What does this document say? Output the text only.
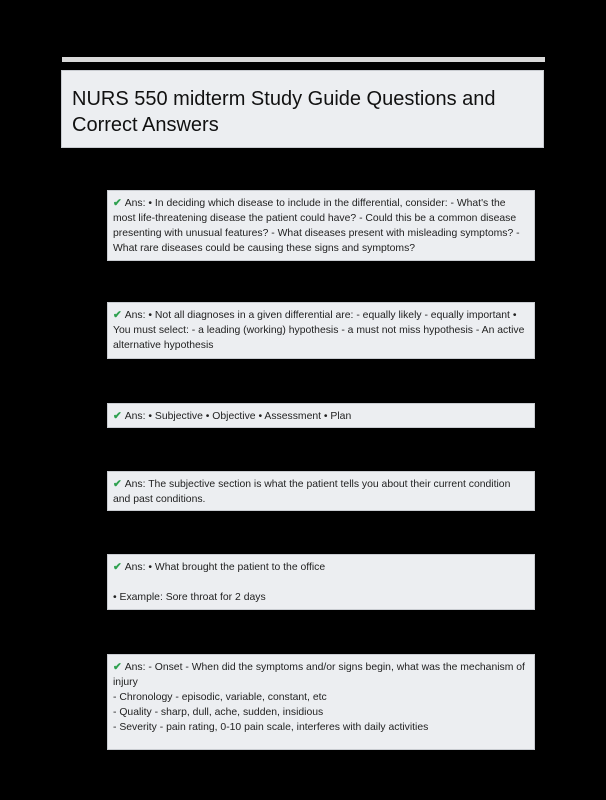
NURS 550 midterm Study Guide Questions and Correct Answers

✔ Ans: • In deciding which disease to include in the differential, consider: - What's the most life-threatening disease the patient could have? - Could this be a common disease presenting with unusual features? - What diseases present with misleading symptoms? - What rare diseases could be causing these signs and symptoms?

✔ Ans: • Not all diagnoses in a given differential are: - equally likely - equally important • You must select: - a leading (working) hypothesis - a must not miss hypothesis - An active alternative hypothesis

✔ Ans: • Subjective • Objective • Assessment • Plan

✔ Ans: The subjective section is what the patient tells you about their current condition and past conditions.

✔ Ans: • What brought the patient to the office

• Example: Sore throat for 2 days

✔ Ans: - Onset - When did the symptoms and/or signs begin, what was the mechanism of injury

- Chronology - episodic, variable, constant, etc

- Quality - sharp, dull, ache, sudden, insidious

- Severity - pain rating, 0-10 pain scale, interferes with daily activities
